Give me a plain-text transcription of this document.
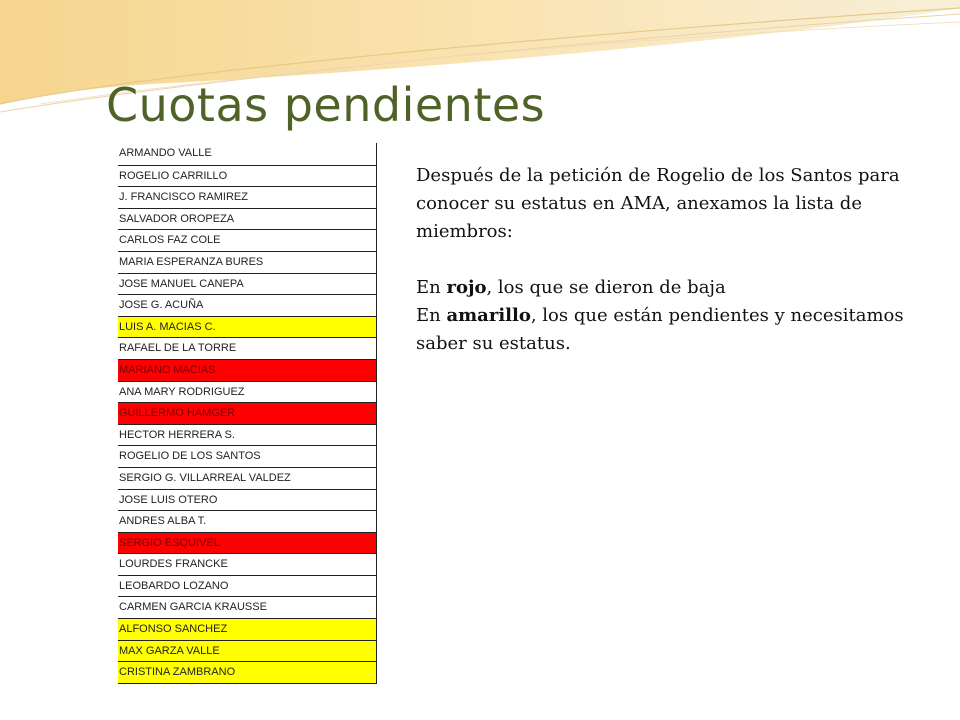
Cuotas pendientes
ARMANDO VALLE
ROGELIO CARRILLO
J. FRANCISCO RAMIREZ
SALVADOR OROPEZA
CARLOS FAZ COLE
MARIA ESPERANZA BURES
JOSE MANUEL CANEPA
JOSE G. ACUÑA
LUIS A. MACIAS C.
RAFAEL DE LA TORRE
MARIANO MACIAS
ANA MARY RODRIGUEZ
GUILLERMO HAMGER
HECTOR HERRERA S.
ROGELIO DE LOS SANTOS
SERGIO G. VILLARREAL VALDEZ
JOSE LUIS OTERO
ANDRES ALBA T.
SERGIO ESQUIVEL
LOURDES FRANCKE
LEOBARDO LOZANO
CARMEN GARCIA KRAUSSE
ALFONSO SANCHEZ
MAX GARZA VALLE
CRISTINA ZAMBRANO

Después de la petición de Rogelio de los Santos para conocer su estatus en AMA, anexamos la lista de miembros:

En rojo, los que se dieron de baja

En amarillo, los que están pendientes y necesitamos saber su estatus.
